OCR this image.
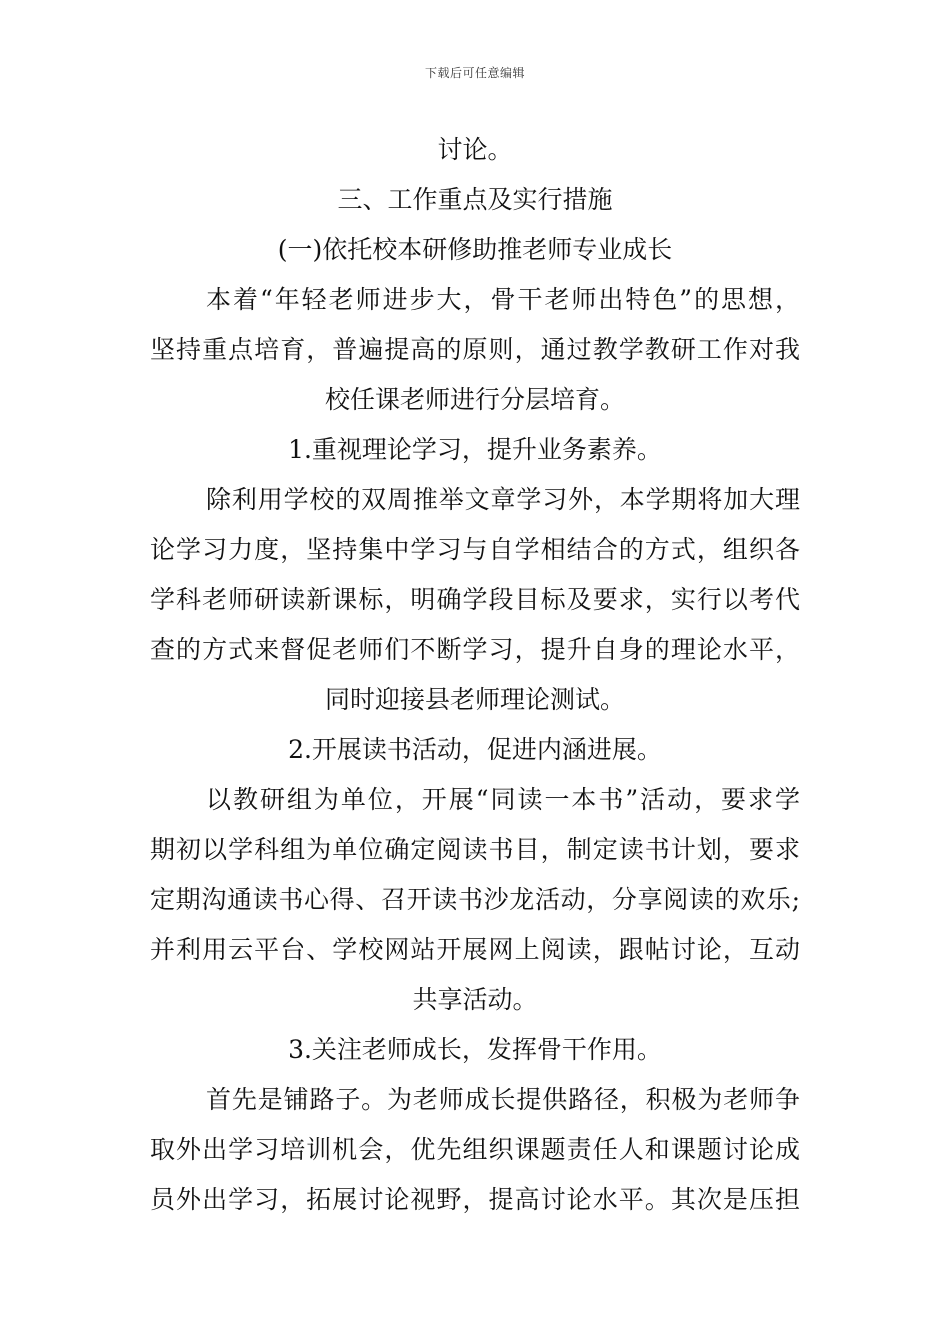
下载后可任意编辑
讨论。
三、工作重点及实行措施
(一)依托校本研修助推老师专业成长
本着“年轻老师进步大，骨干老师出特色”的思想，
坚持重点培育，普遍提高的原则，通过教学教研工作对我
校任课老师进行分层培育。
1.重视理论学习，提升业务素养。
除利用学校的双周推举文章学习外，本学期将加大理
论学习力度，坚持集中学习与自学相结合的方式，组织各
学科老师研读新课标，明确学段目标及要求，实行以考代
查的方式来督促老师们不断学习，提升自身的理论水平，
同时迎接县老师理论测试。
2.开展读书活动，促进内涵进展。
以教研组为单位，开展“同读一本书”活动，要求学
期初以学科组为单位确定阅读书目，制定读书计划，要求
定期沟通读书心得、召开读书沙龙活动，分享阅读的欢乐;
并利用云平台、学校网站开展网上阅读，跟帖讨论，互动
共享活动。
3.关注老师成长，发挥骨干作用。
首先是铺路子。为老师成长提供路径，积极为老师争
取外出学习培训机会，优先组织课题责任人和课题讨论成
员外出学习，拓展讨论视野，提高讨论水平。其次是压担
